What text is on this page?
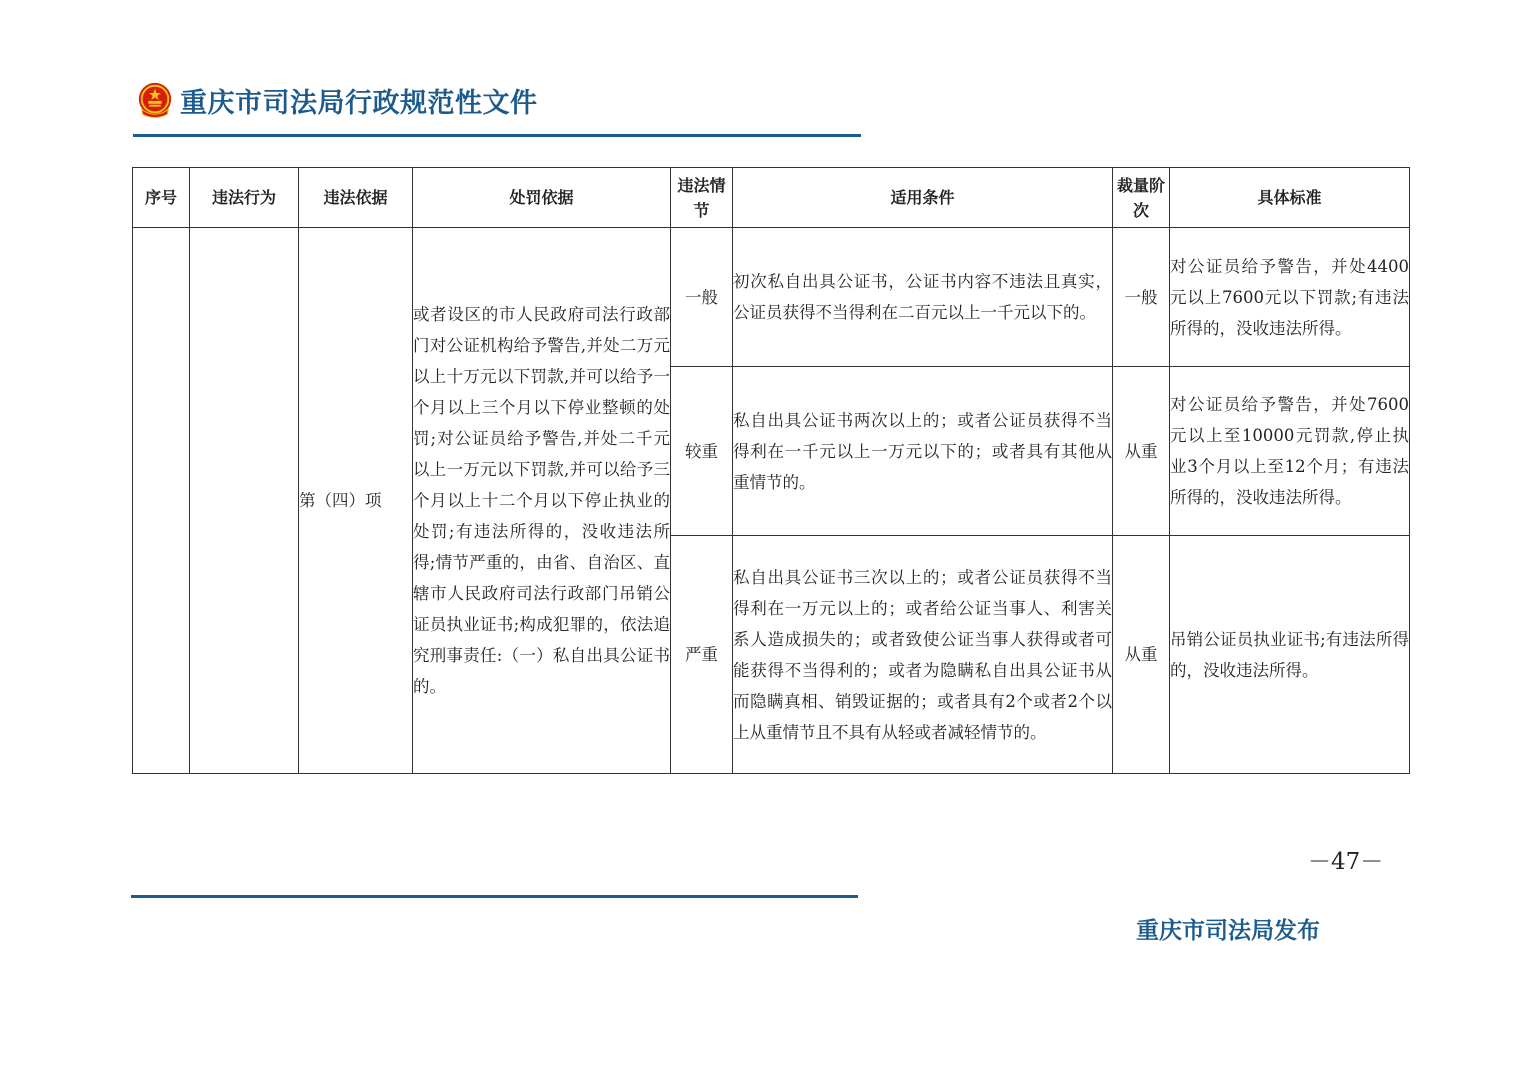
重庆市司法局行政规范性文件
序号	违法行为	违法依据	处罚依据	违法情节	适用条件	裁量阶次	具体标准
		第（四）项	或者设区的市人民政府司法行政部门对公证机构给予警告,并处二万元以上十万元以下罚款,并可以给予一个月以上三个月以下停业整顿的处罚;对公证员给予警告,并处二千元以上一万元以下罚款,并可以给予三个月以上十二个月以下停止执业的处罚;有违法所得的，没收违法所得;情节严重的，由省、自治区、直辖市人民政府司法行政部门吊销公证员执业证书;构成犯罪的，依法追究刑事责任:（一）私自出具公证书的。	一般	初次私自出具公证书，公证书内容不违法且真实，公证员获得不当得利在二百元以上一千元以下的。	一般	对公证员给予警告，并处4400元以上7600元以下罚款;有违法所得的，没收违法所得。
				较重	私自出具公证书两次以上的；或者公证员获得不当得利在一千元以上一万元以下的；或者具有其他从重情节的。	从重	对公证员给予警告，并处7600元以上至10000元罚款,停止执业3个月以上至12个月；有违法所得的，没收违法所得。
				严重	私自出具公证书三次以上的；或者公证员获得不当得利在一万元以上的；或者给公证当事人、利害关系人造成损失的；或者致使公证当事人获得或者可能获得不当得利的；或者为隐瞒私自出具公证书从而隐瞒真相、销毁证据的；或者具有2个或者2个以上从重情节且不具有从轻或者减轻情节的。	从重	吊销公证员执业证书;有违法所得的，没收违法所得。
－47－
重庆市司法局发布
